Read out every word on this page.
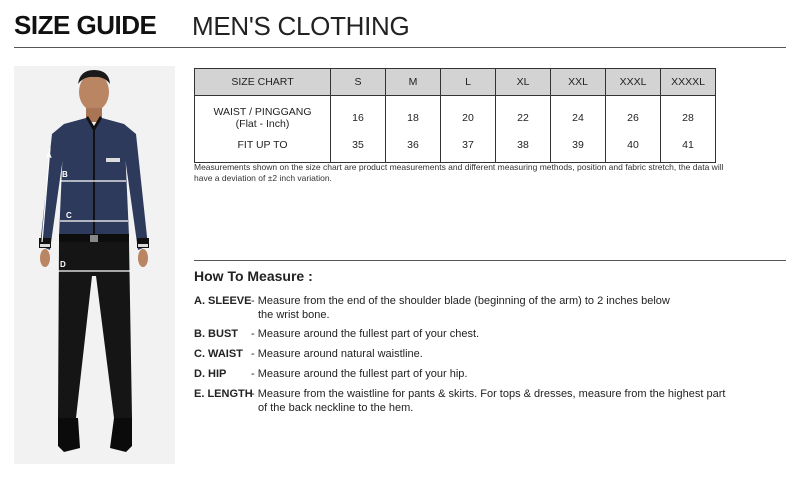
SIZE GUIDE MEN'S CLOTHING
A
B
C
D
SIZE CHART	S	M	L	XL	XXL	XXXL	XXXXL

WAIST / PINGGANG
(Flat - Inch)	16	18	20	22	24	26	28
FIT UP TO	35	36	37	38	39	40	41
Measurements shown on the size chart are product measurements and different measuring methods, position and fabric stretch, the data will have a deviation of ±2 inch variation.
How To Measure :
A. SLEEVE - Measure from the end of the shoulder blade (beginning of the arm) to 2 inches below
the wrist bone.
B. BUST - Measure around the fullest part of your chest.
C. WAIST - Measure around natural waistline.
D. HIP - Measure around the fullest part of your hip.
E. LENGTH
- Measure from the waistline for pants & skirts. For tops & dresses, measure from the highest part
of the back neckline to the hem.
